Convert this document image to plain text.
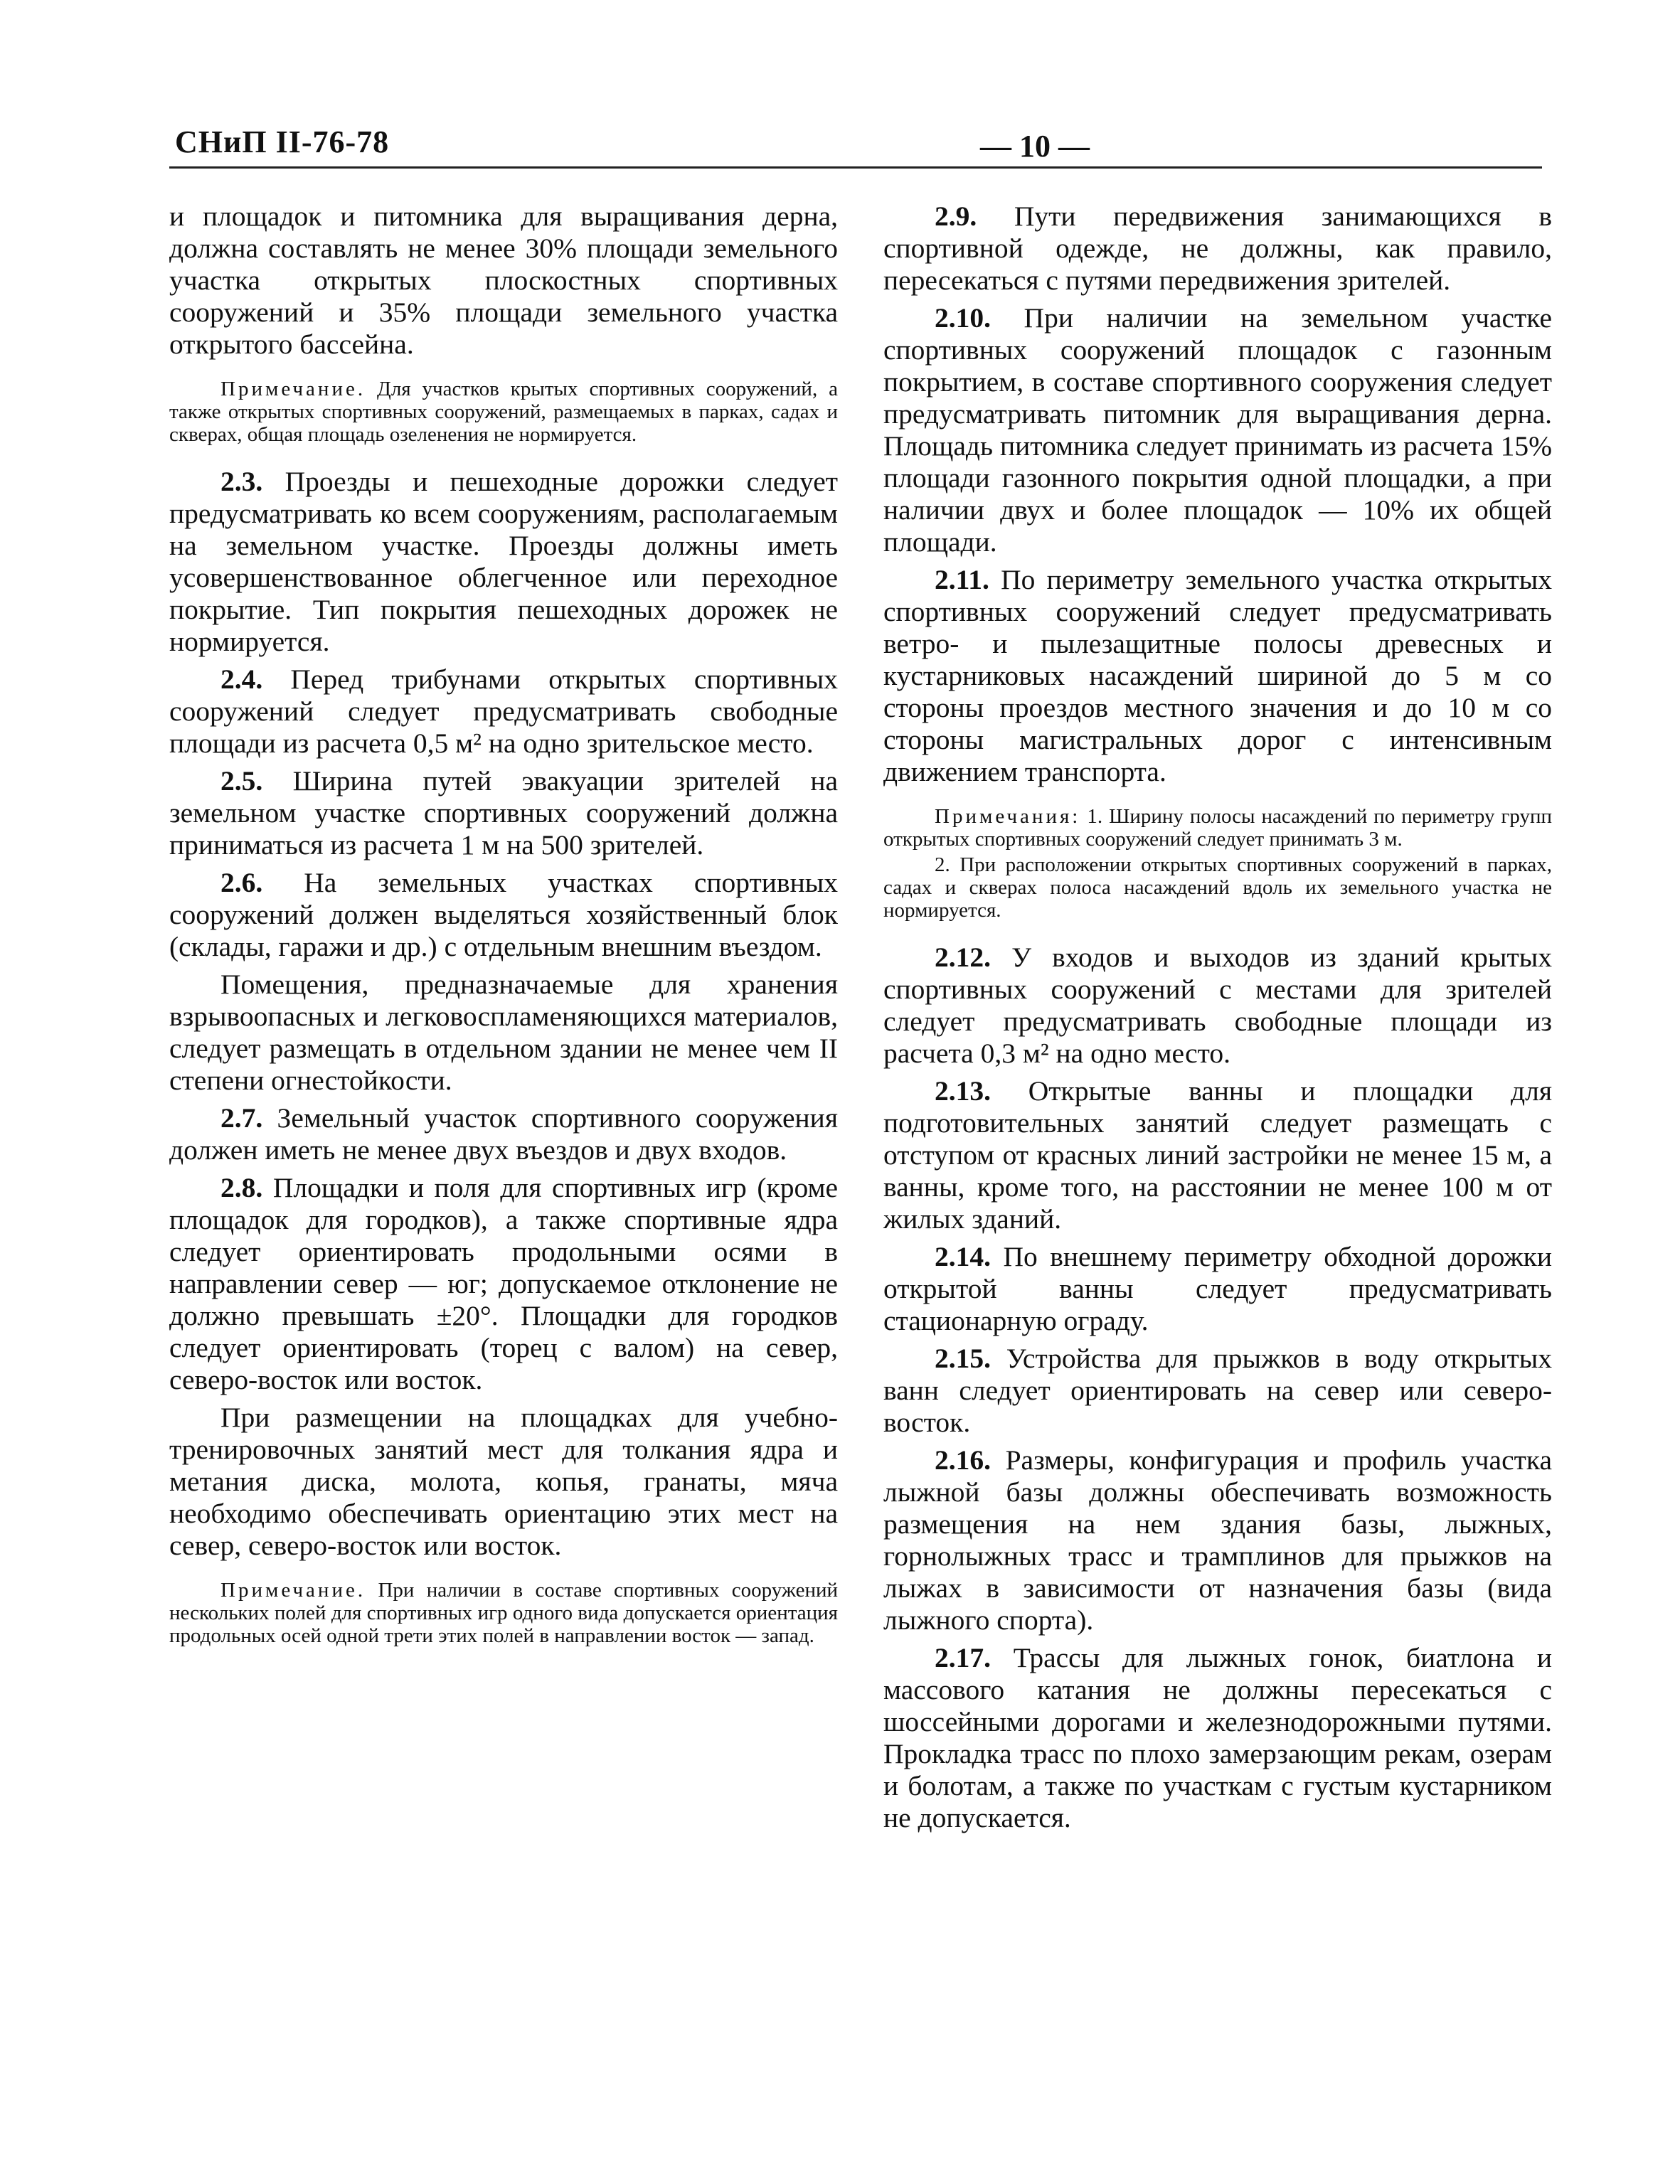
СНиП II-76-78	— 10 —

и площадок и питомника для выращивания дерна, должна составлять не менее 30% площади земельного участка открытых плоскостных спортивных сооружений и 35% площади земельного участка открытого бассейна.

Примечание. Для участков крытых спортивных сооружений, а также открытых спортивных сооружений, размещаемых в парках, садах и скверах, общая площадь озеленения не нормируется.

2.3. Проезды и пешеходные дорожки следует предусматривать ко всем сооружениям, располагаемым на земельном участке. Проезды должны иметь усовершенствованное облегченное или переходное покрытие. Тип покрытия пешеходных дорожек не нормируется.

2.4. Перед трибунами открытых спортивных сооружений следует предусматривать свободные площади из расчета 0,5 м² на одно зрительское место.

2.5. Ширина путей эвакуации зрителей на земельном участке спортивных сооружений должна приниматься из расчета 1 м на 500 зрителей.

2.6. На земельных участках спортивных сооружений должен выделяться хозяйственный блок (склады, гаражи и др.) с отдельным внешним въездом.

Помещения, предназначаемые для хранения взрывоопасных и легковоспламеняющихся материалов, следует размещать в отдельном здании не менее чем II степени огнестойкости.

2.7. Земельный участок спортивного сооружения должен иметь не менее двух въездов и двух входов.

2.8. Площадки и поля для спортивных игр (кроме площадок для городков), а также спортивные ядра следует ориентировать продольными осями в направлении север — юг; допускаемое отклонение не должно превышать ±20°. Площадки для городков следует ориентировать (торец с валом) на север, северо-восток или восток.

При размещении на площадках для учебно-тренировочных занятий мест для толкания ядра и метания диска, молота, копья, гранаты, мяча необходимо обеспечивать ориентацию этих мест на север, северо-восток или восток.

Примечание. При наличии в составе спортивных сооружений нескольких полей для спортивных игр одного вида допускается ориентация продольных осей одной трети этих полей в направлении восток — запад.

2.9. Пути передвижения занимающихся в спортивной одежде, не должны, как правило, пересекаться с путями передвижения зрителей.

2.10. При наличии на земельном участке спортивных сооружений площадок с газонным покрытием, в составе спортивного сооружения следует предусматривать питомник для выращивания дерна. Площадь питомника следует принимать из расчета 15% площади газонного покрытия одной площадки, а при наличии двух и более площадок — 10% их общей площади.

2.11. По периметру земельного участка открытых спортивных сооружений следует предусматривать ветро- и пылезащитные полосы древесных и кустарниковых насаждений шириной до 5 м со стороны проездов местного значения и до 10 м со стороны магистральных дорог с интенсивным движением транспорта.

Примечания: 1. Ширину полосы насаждений по периметру групп открытых спортивных сооружений следует принимать 3 м.

2. При расположении открытых спортивных сооружений в парках, садах и скверах полоса насаждений вдоль их земельного участка не нормируется.

2.12. У входов и выходов из зданий крытых спортивных сооружений с местами для зрителей следует предусматривать свободные площади из расчета 0,3 м² на одно место.

2.13. Открытые ванны и площадки для подготовительных занятий следует размещать с отступом от красных линий застройки не менее 15 м, а ванны, кроме того, на расстоянии не менее 100 м от жилых зданий.

2.14. По внешнему периметру обходной дорожки открытой ванны следует предусматривать стационарную ограду.

2.15. Устройства для прыжков в воду открытых ванн следует ориентировать на север или северо-восток.

2.16. Размеры, конфигурация и профиль участка лыжной базы должны обеспечивать возможность размещения на нем здания базы, лыжных, горнолыжных трасс и трамплинов для прыжков на лыжах в зависимости от назначения базы (вида лыжного спорта).

2.17. Трассы для лыжных гонок, биатлона и массового катания не должны пересекаться с шоссейными дорогами и железнодорожными путями. Прокладка трасс по плохо замерзающим рекам, озерам и болотам, а также по участкам с густым кустарником не допускается.
